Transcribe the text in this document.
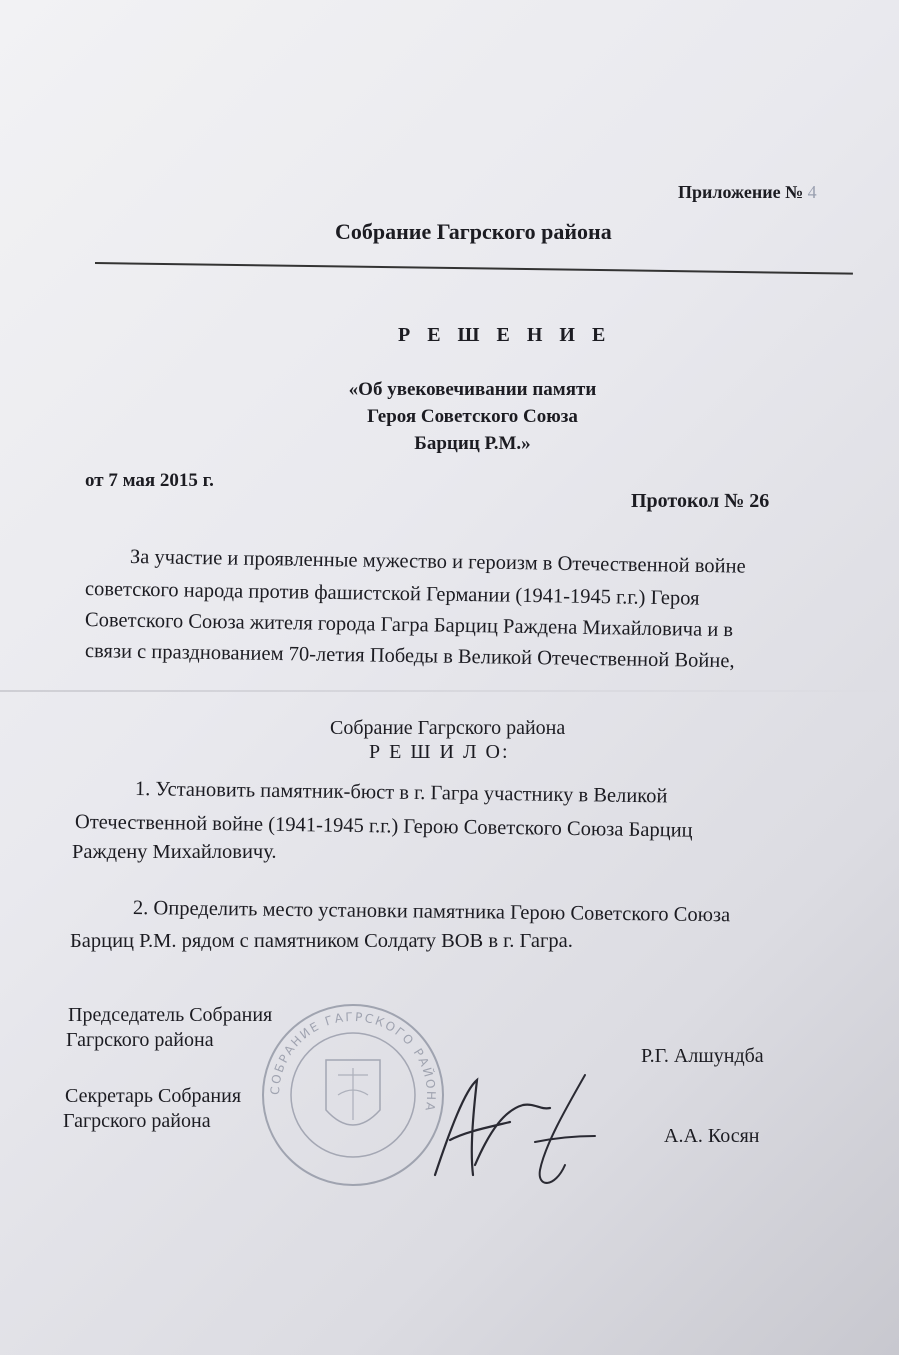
Приложение № 4
Собрание Гагрского района
Р Е Ш Е Н И Е
«Об увековечивании памяти
Героя Советского Союза
Барциц Р.М.»
от 7 мая 2015 г.
Протокол № 26
За участие и проявленные мужество и героизм в Отечественной войне
советского народа против фашистской Германии (1941-1945 г.г.) Героя
Советского Союза жителя города Гагра Барциц Раждена Михайловича и в
связи с празднованием 70-летия Победы в Великой Отечественной Войне,
Собрание Гагрского района
Р Е Ш И Л О:
1. Установить памятник-бюст в г. Гагра участнику в Великой
Отечественной войне (1941-1945 г.г.) Герою Советского Союза Барциц
Раждену Михайловичу.
2. Определить место установки памятника Герою Советского Союза
Барциц Р.М. рядом с памятником Солдату ВОВ в г. Гагра.
Председатель Собрания
Гагрского района
Р.Г. Алшундба
Секретарь Собрания
Гагрского района
А.А. Косян
СОБРАНИЕ ГАГРСКОГО РАЙОНА
